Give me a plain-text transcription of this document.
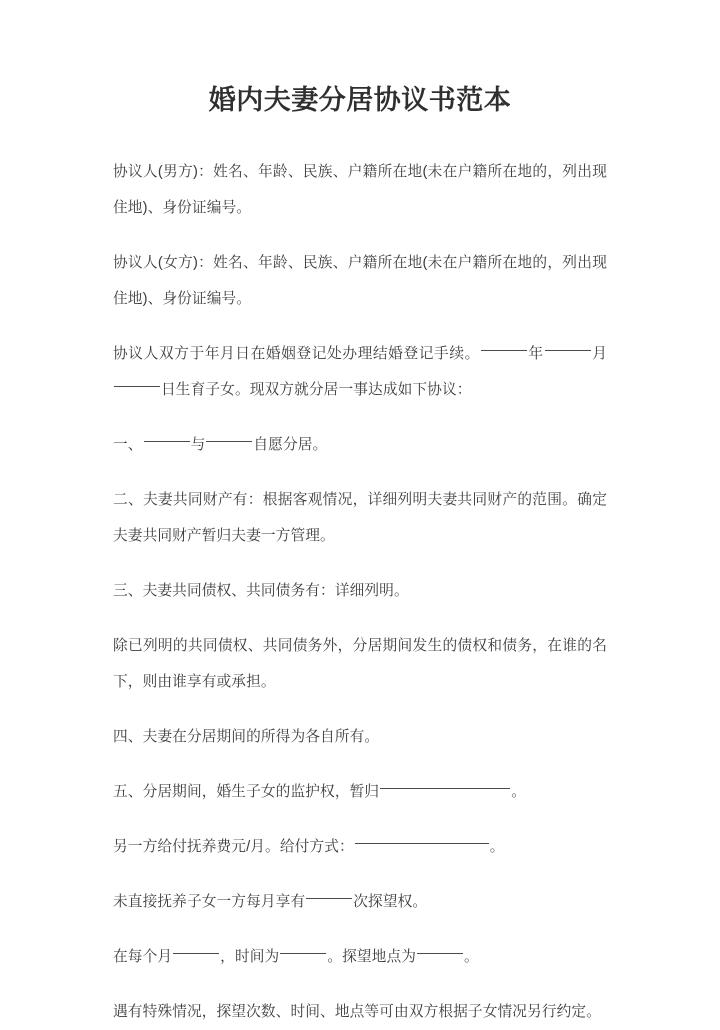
婚内夫妻分居协议书范本

协议人(男方)：姓名、年龄、民族、户籍所在地(未在户籍所在地的，列出现住地)、身份证编号。

协议人(女方)：姓名、年龄、民族、户籍所在地(未在户籍所在地的，列出现住地)、身份证编号。

协议人双方于年月日在婚姻登记处办理结婚登记手续。	年	月 日生育子女。现双方就分居一事达成如下协议：

一、	与	自愿分居。

二、夫妻共同财产有：根据客观情况，详细列明夫妻共同财产的范围。确定夫妻共同财产暂归夫妻一方管理。

三、夫妻共同债权、共同债务有：详细列明。

除已列明的共同债权、共同债务外，分居期间发生的债权和债务，在谁的名下，则由谁享有或承担。

四、夫妻在分居期间的所得为各自所有。

五、分居期间，婚生子女的监护权，暂归	。

另一方给付抚养费元/月。给付方式：	。

未直接抚养子女一方每月享有	次探望权。

在每个月	，时间为	。探望地点为	。

遇有特殊情况，探望次数、时间、地点等可由双方根据子女情况另行约定。
